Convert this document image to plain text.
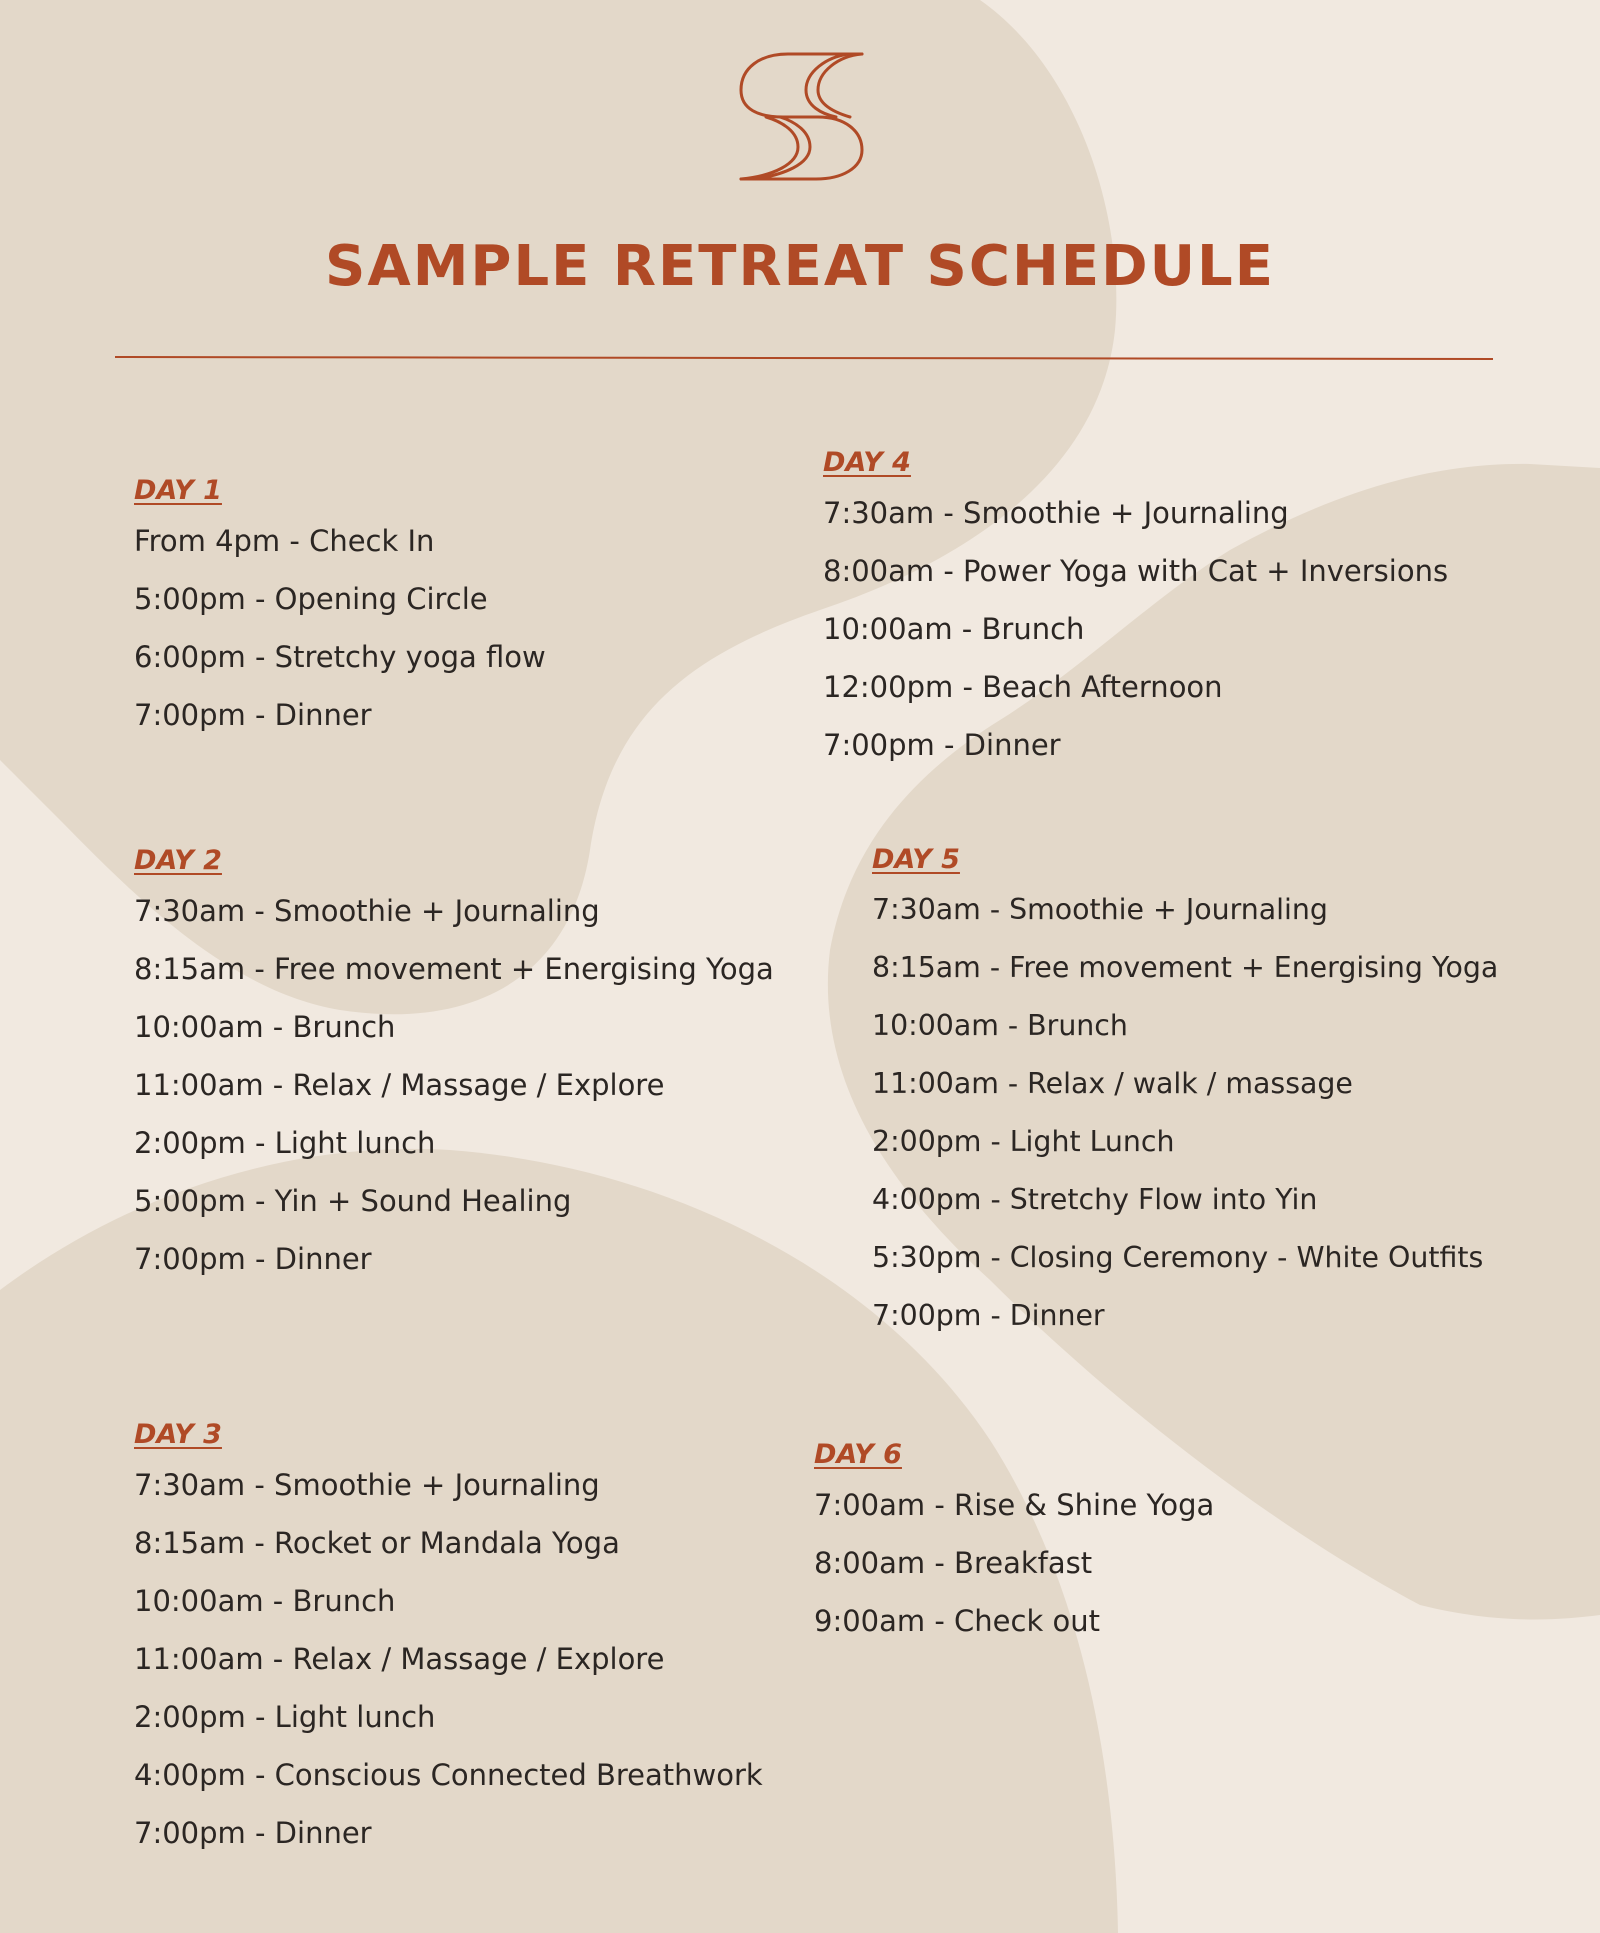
SAMPLE RETREAT SCHEDULE
DAY 1
From 4pm - Check In
5:00pm - Opening Circle
6:00pm - Stretchy yoga flow
7:00pm - Dinner
DAY 2
7:30am - Smoothie + Journaling
8:15am - Free movement + Energising Yoga
10:00am - Brunch
11:00am - Relax / Massage / Explore
2:00pm - Light lunch
5:00pm - Yin + Sound Healing
7:00pm - Dinner
DAY 3
7:30am - Smoothie + Journaling
8:15am - Rocket or Mandala Yoga
10:00am - Brunch
11:00am - Relax / Massage / Explore
2:00pm - Light lunch
4:00pm - Conscious Connected Breathwork
7:00pm - Dinner
DAY 4
7:30am - Smoothie + Journaling
8:00am - Power Yoga with Cat + Inversions
10:00am - Brunch
12:00pm - Beach Afternoon
7:00pm - Dinner
DAY 5
7:30am - Smoothie + Journaling
8:15am - Free movement + Energising Yoga
10:00am - Brunch
11:00am - Relax / walk / massage
2:00pm - Light Lunch
4:00pm - Stretchy Flow into Yin
5:30pm - Closing Ceremony - White Outfits
7:00pm - Dinner
DAY 6
7:00am - Rise & Shine Yoga
8:00am - Breakfast
9:00am - Check out
